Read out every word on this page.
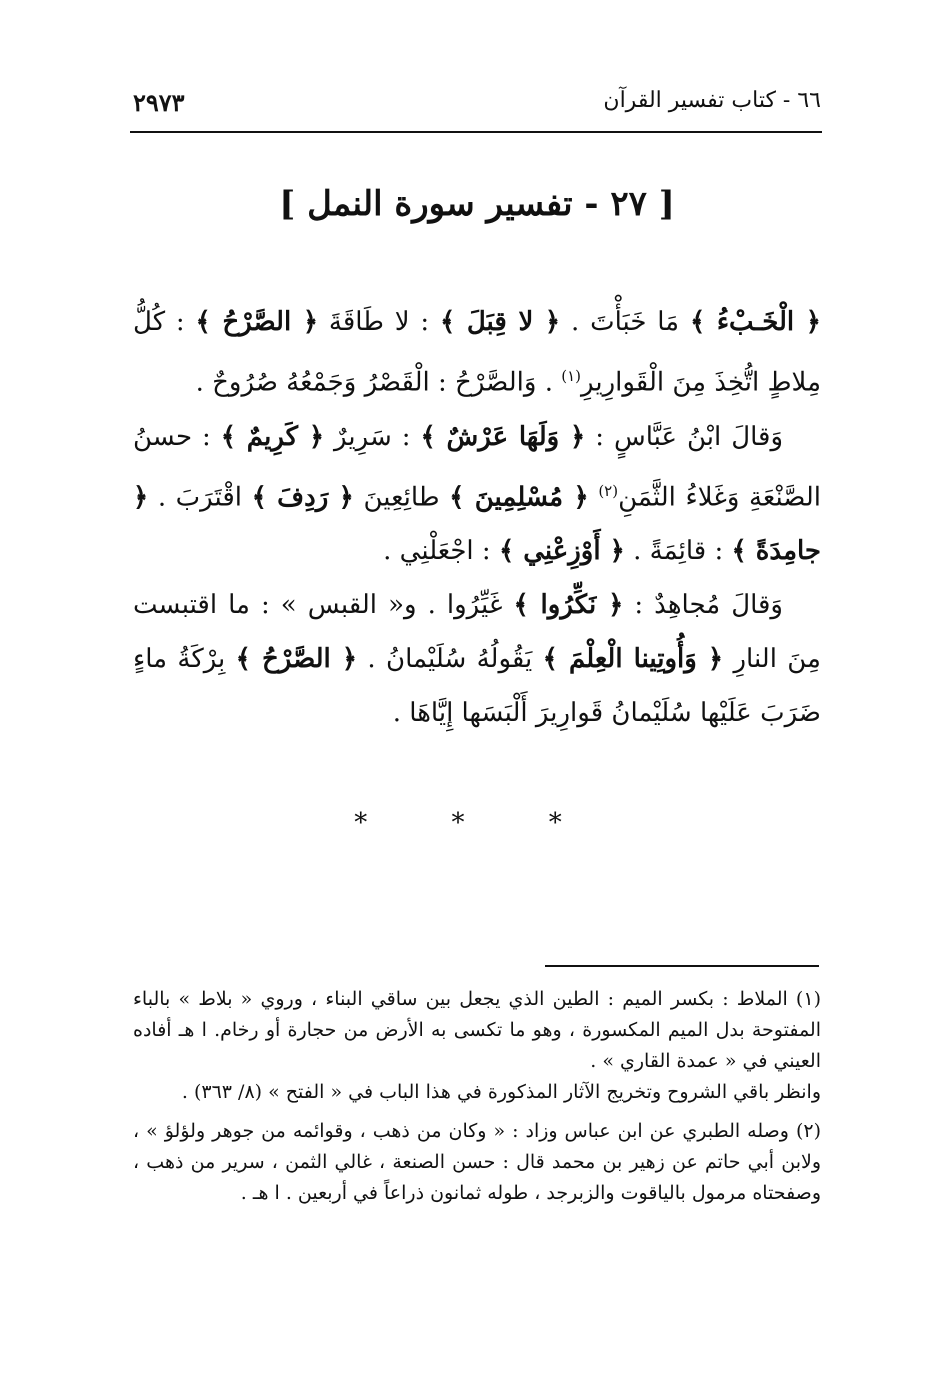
٦٦ - كتاب تفسير القرآن
٢٩٧٣
[ ٢٧ - تفسير سورة النمل ]

﴿ الْخَـبْءُ ﴾ مَا خَبَأْتَ . ﴿ لا قِبَلَ ﴾ : لا طَاقَةَ ﴿ الصَّرْحُ ﴾ : كُلُّ مِلاطٍ اتُّخِذَ مِنَ الْقَوارِيرِ$^{(١)}$ . وَالصَّرْحُ : الْقَصْرُ وَجَمْعُهُ صُرُوحٌ .

وَقالَ ابْنُ عَبَّاسٍ : ﴿ وَلَهَا عَرْشٌ ﴾ : سَرِيرٌ ﴿ كَرِيمٌ ﴾ : حسنُ الصَّنْعَةِ وَغَلاءُ الثَّمَنِ$^{(٢)}$ ﴿ مُسْلِمِينَ ﴾ طائِعِينَ ﴿ رَدِفَ ﴾ اقْتَرَبَ . ﴿ جامِدَةً ﴾ : قائِمَةً . ﴿ أَوْزِعْنِي ﴾ : اجْعَلْنِي .

وَقالَ مُجاهِدٌ : ﴿ نَكِّرُوا ﴾ غَيِّرُوا . و« القبس » : ما اقتبست مِنَ النارِ ﴿ وَأُوتِينا الْعِلْمَ ﴾ يَقُولُهُ سُلَيْمانُ . ﴿ الصَّرْحُ ﴾ بِرْكَةُ ماءٍ ضَرَبَ عَلَيْها سُلَيْمانُ قَوارِيرَ أَلْبَسَها إِيَّاهَا .

* * *

(١) الملاط : بكسر الميم : الطين الذي يجعل بين ساقي البناء ، وروي « بلاط » بالباء المفتوحة بدل الميم المكسورة ، وهو ما تكسى به الأرض من حجارة أو رخام. ا هـ أفاده العيني في « عمدة القاري » .

وانظر باقي الشروح وتخريج الآثار المذكورة في هذا الباب في « الفتح » (٨/ ٣٦٣) .

(٢) وصله الطبري عن ابن عباس وزاد : « وكان من ذهب ، وقوائمه من جوهر ولؤلؤ » ، ولابن أبي حاتم عن زهير بن محمد قال : حسن الصنعة ، غالي الثمن ، سرير من ذهب ، وصفحتاه مرمول بالياقوت والزبرجد ، طوله ثمانون ذراعاً في أربعين . ا هـ .
